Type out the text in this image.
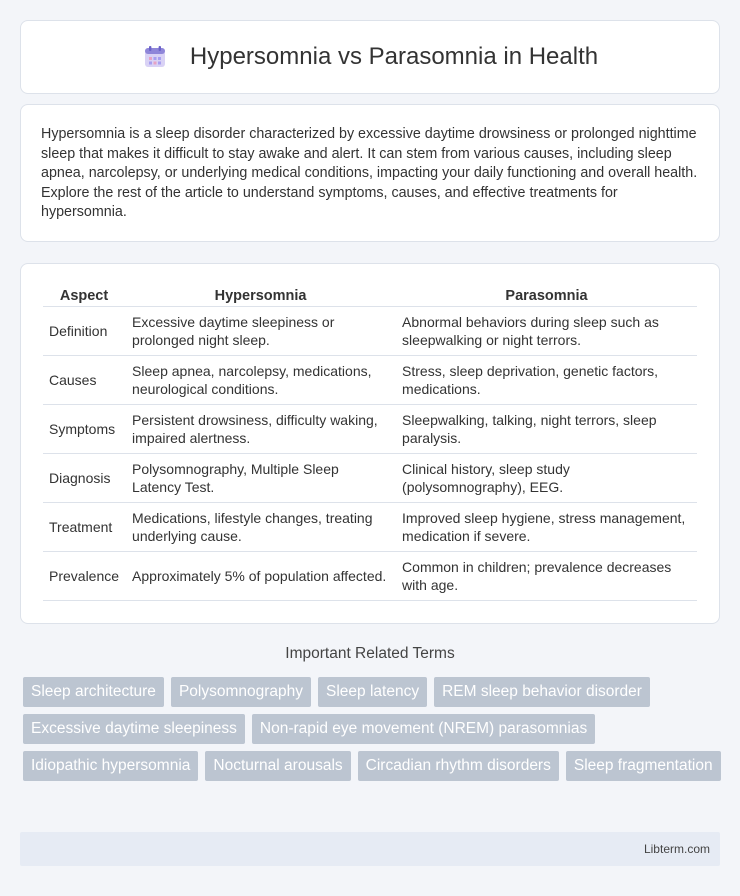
Hypersomnia vs Parasomnia in Health

Hypersomnia is a sleep disorder characterized by excessive daytime drowsiness or prolonged nighttime sleep that makes it difficult to stay awake and alert. It can stem from various causes, including sleep apnea, narcolepsy, or underlying medical conditions, impacting your daily functioning and overall health. Explore the rest of the article to understand symptoms, causes, and effective treatments for hypersomnia.

Aspect	Hypersomnia	Parasomnia
Definition	Excessive daytime sleepiness or prolonged night sleep.	Abnormal behaviors during sleep such as sleepwalking or night terrors.
Causes	Sleep apnea, narcolepsy, medications, neurological conditions.	Stress, sleep deprivation, genetic factors, medications.
Symptoms	Persistent drowsiness, difficulty waking, impaired alertness.	Sleepwalking, talking, night terrors, sleep paralysis.
Diagnosis	Polysomnography, Multiple Sleep Latency Test.	Clinical history, sleep study (polysomnography), EEG.
Treatment	Medications, lifestyle changes, treating underlying cause.	Improved sleep hygiene, stress management, medication if severe.
Prevalence	Approximately 5% of population affected.	Common in children; prevalence decreases with age.
Important Related Terms
Sleep architecture	Polysomnography	Sleep latency	REM sleep behavior disorder
Excessive daytime sleepiness	Non-rapid eye movement (NREM) parasomnias
Idiopathic hypersomnia	Nocturnal arousals	Circadian rhythm disorders	Sleep fragmentation
Libterm.com
